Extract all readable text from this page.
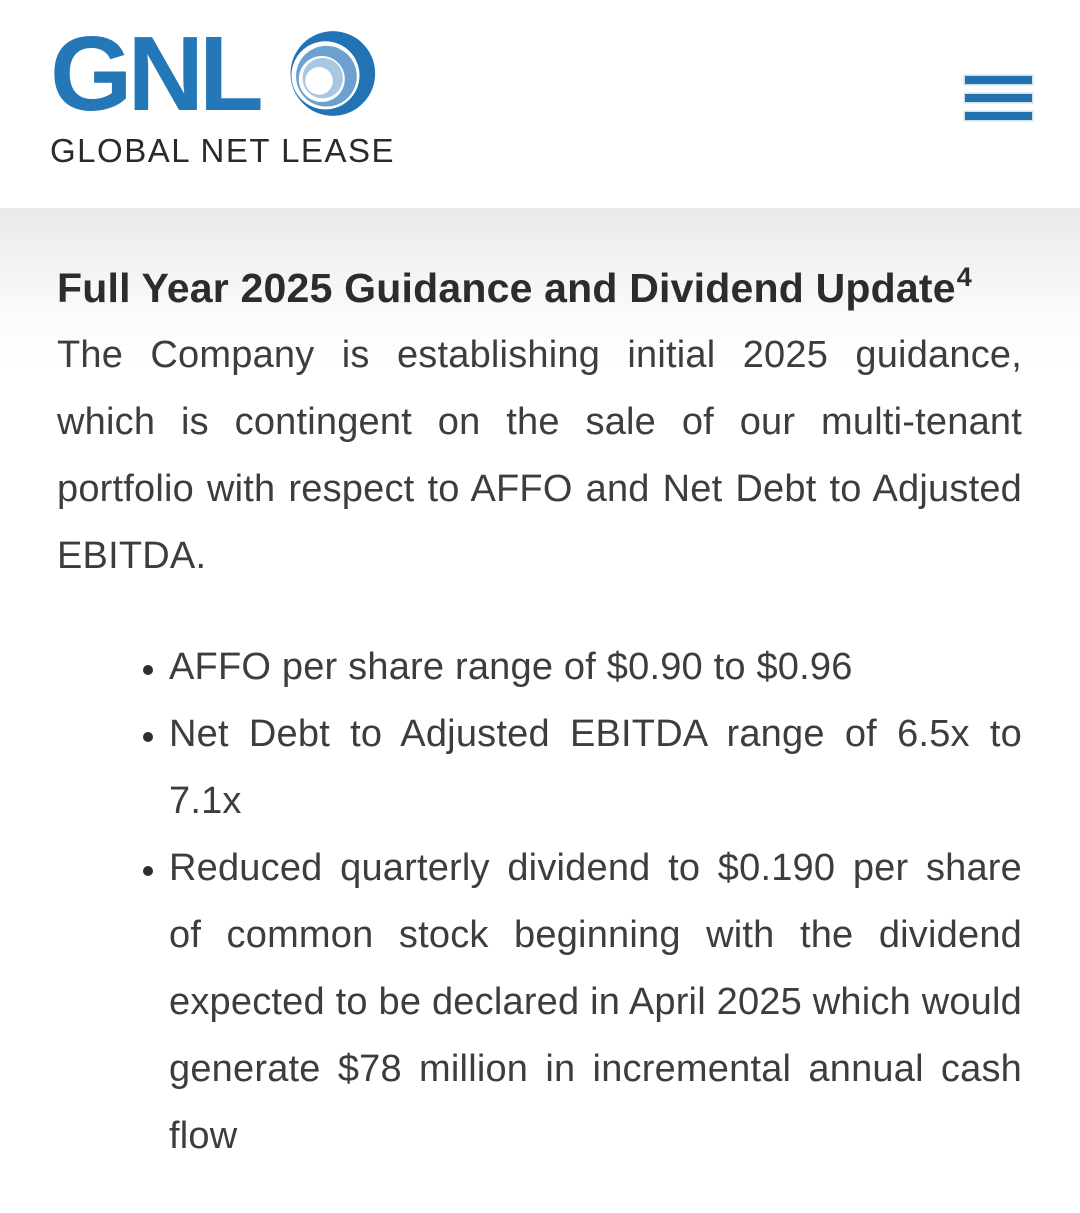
GNL
GLOBAL NET LEASE
Full Year 2025 Guidance and Dividend Update$^4$

The Company is establishing initial 2025 guidance, which is contingent on the sale of our multi-tenant portfolio with respect to AFFO and Net Debt to Adjusted EBITDA.

• AFFO per share range of $0.90 to $0.96
• Net Debt to Adjusted EBITDA range of 6.5x to 7.1x
• Reduced quarterly dividend to $0.190 per share of common stock beginning with the dividend expected to be declared in April 2025 which would generate $78 million in incremental annual cash flow
